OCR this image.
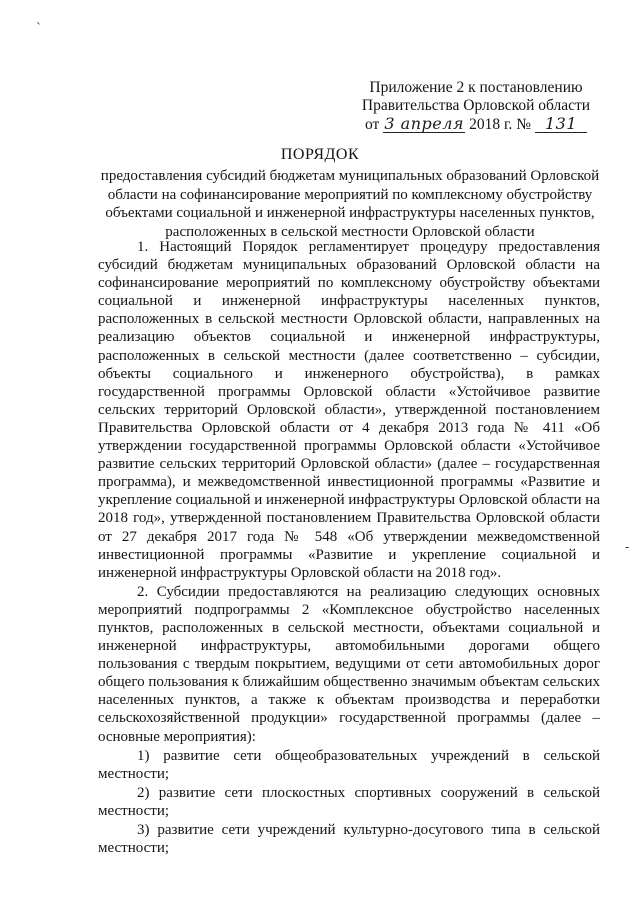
`
-
Приложение 2 к постановлению
Правительства Орловской области
от 3 апреля 2018 г. № 131
ПОРЯДОК
предоставления субсидий бюджетам муниципальных образований Орловской
области на софинансирование мероприятий по комплексному обустройству
объектами социальной и инженерной инфраструктуры населенных пунктов,
расположенных в сельской местности Орловской области

1. Настоящий Порядок регламентирует процедуру предоставления субсидий бюджетам муниципальных образований Орловской области на софинансирование мероприятий по комплексному обустройству объектами социальной и инженерной инфраструктуры населенных пунктов, расположенных в сельской местности Орловской области, направленных на реализацию объектов социальной и инженерной инфраструктуры, расположенных в сельской местности (далее соответственно – субсидии, объекты социального и инженерного обустройства), в рамках государственной программы Орловской области «Устойчивое развитие сельских территорий Орловской области», утвержденной постановлением Правительства Орловской области от 4 декабря 2013 года № 411 «Об утверждении государственной программы Орловской области «Устойчивое развитие сельских территорий Орловской области» (далее – государственная программа), и межведомственной инвестиционной программы «Развитие и укрепление социальной и инженерной инфраструктуры Орловской области на 2018 год», утвержденной постановлением Правительства Орловской области от 27 декабря 2017 года № 548 «Об утверждении межведомственной инвестиционной программы «Развитие и укрепление социальной и инженерной инфраструктуры Орловской области на 2018 год».

2. Субсидии предоставляются на реализацию следующих основных мероприятий подпрограммы 2 «Комплексное обустройство населенных пунктов, расположенных в сельской местности, объектами социальной и инженерной инфраструктуры, автомобильными дорогами общего пользования с твердым покрытием, ведущими от сети автомобильных дорог общего пользования к ближайшим общественно значимым объектам сельских населенных пунктов, а также к объектам производства и переработки сельскохозяйственной продукции» государственной программы (далее – основные мероприятия):

1) развитие сети общеобразовательных учреждений в сельской местности;

2) развитие сети плоскостных спортивных сооружений в сельской местности;

3) развитие сети учреждений культурно-досугового типа в сельской местности;
